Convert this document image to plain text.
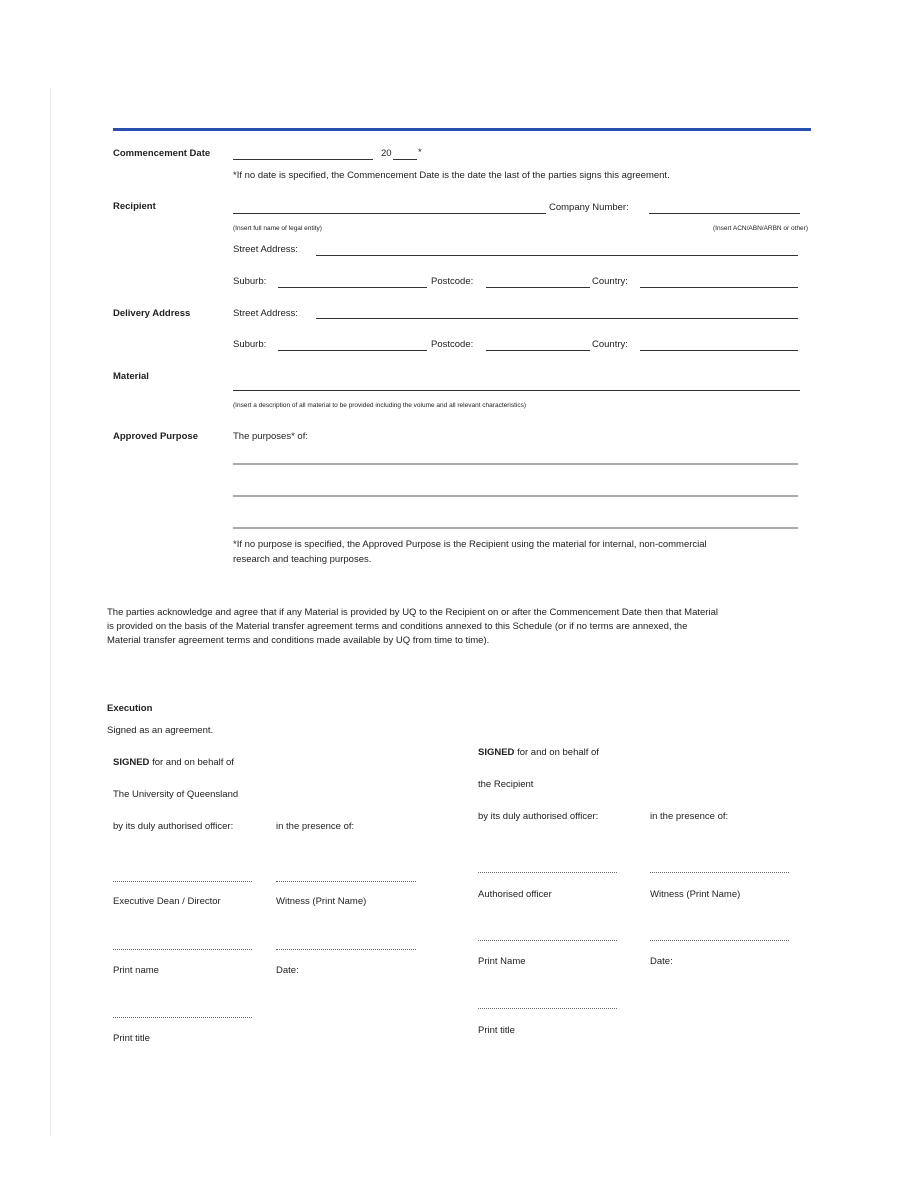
Commencement Date	20	*
*If no date is specified, the Commencement Date is the date the last of the parties signs this agreement.
Recipient	Company Number:
(Insert full name of legal entity)	(Insert ACN/ABN/ARBN or other)
Street Address:
Suburb:	Postcode:	Country:
Delivery Address	Street Address:
Suburb:	Postcode:	Country:
Material
(Insert a description of all material to be provided including the volume and all relevant characteristics)
Approved Purpose	The purposes* of:
*If no purpose is specified, the Approved Purpose is the Recipient using the material for internal, non-commercial
research and teaching purposes.
The parties acknowledge and agree that if any Material is provided by UQ to the Recipient on or after the Commencement Date then that Material
is provided on the basis of the Material transfer agreement terms and conditions annexed to this Schedule (or if no terms are annexed, the
Material transfer agreement terms and conditions made available by UQ from time to time).
Execution
Signed as an agreement.
SIGNED for and on behalf of
The University of Queensland
by its duly authorised officer:	in the presence of:
Executive Dean / Director	Witness (Print Name)
Print name	Date:
Print title
SIGNED for and on behalf of
the Recipient
by its duly authorised officer:	in the presence of:
Authorised officer	Witness (Print Name)
Print Name	Date:
Print title
